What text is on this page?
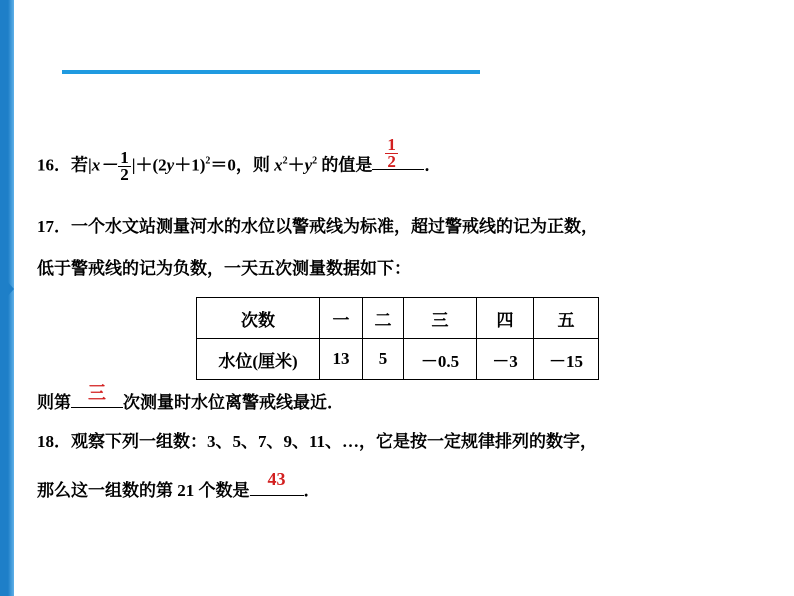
16．若$|x- \frac{1}{2} |+(2y+1)^2=0$，则 $x^2+y^2$ 的值是 $\frac{1}{2}$ ．
17．一个水文站测量河水的水位以警戒线为标准，超过警戒线的记为正数，
低于警戒线的记为负数，一天五次测量数据如下：
次数	一	二	三	四	五
水位(厘米)	13	5	－0.5	－3	－15
则第 三	次测量时水位离警戒线最近．
18．观察下列一组数：3、5、7、9、11、…，它是按一定规律排列的数字，
那么这一组数的第 21 个数是
43
．
